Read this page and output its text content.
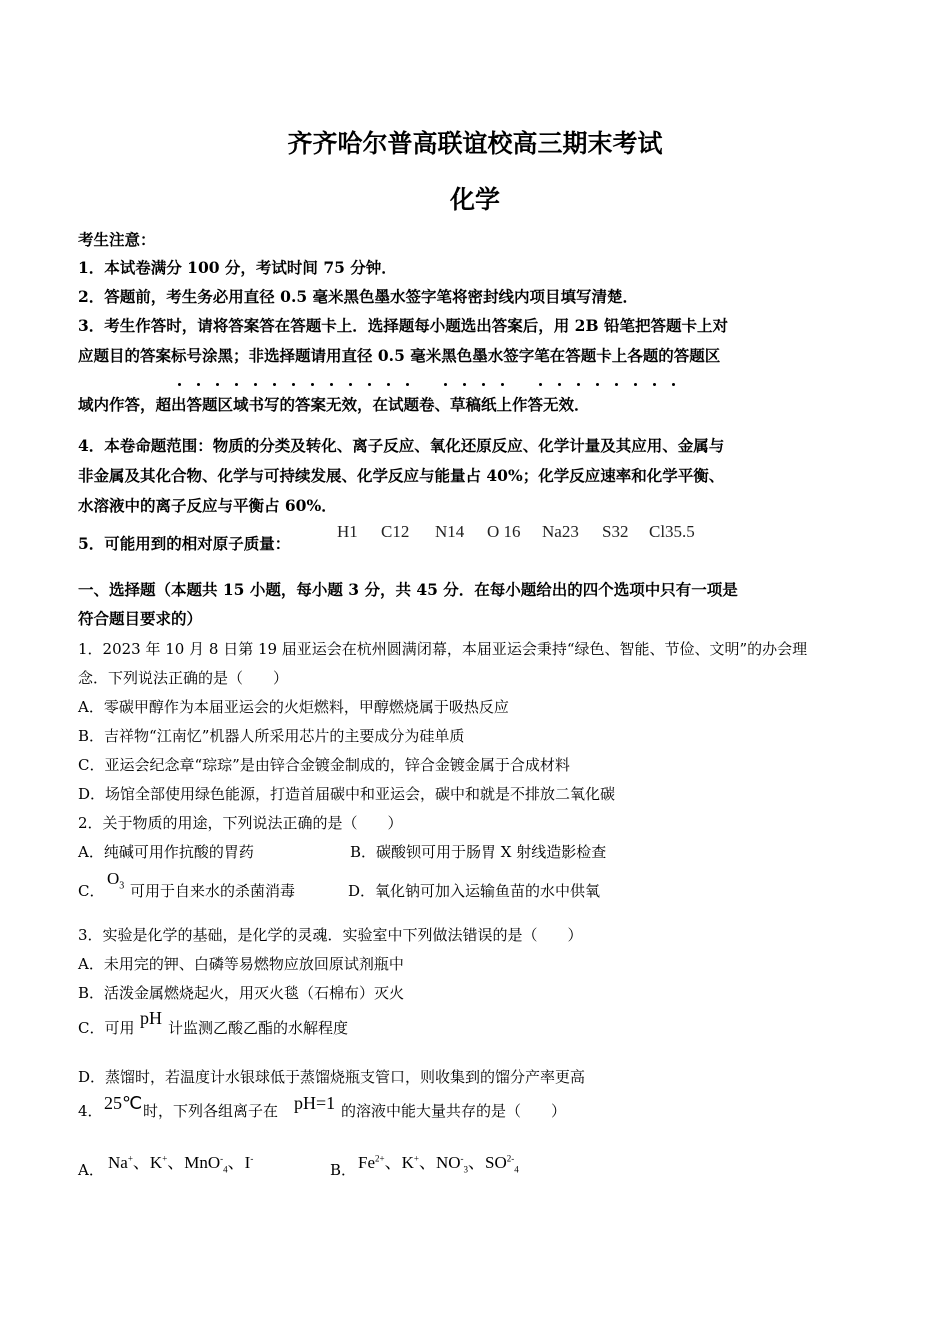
齐齐哈尔普高联谊校高三期末考试
化学
考生注意：
1．本试卷满分 100 分，考试时间 75 分钟．
2．答题前，考生务必用直径 0.5 毫米黑色墨水签字笔将密封线内项目填写清楚．
3．考生作答时，请将答案答在答题卡上．选择题每小题选出答案后，用 2B 铅笔把答题卡上对
应题目的答案标号涂黑；非选择题请用直径 0.5 毫米黑色墨水签字笔在答题卡上各题的答题区
域内作答，超出答题区域书写的答案无效，在试题卷、草稿纸上作答无效．
4．本卷命题范围：物质的分类及转化、离子反应、氧化还原反应、化学计量及其应用、金属与
非金属及其化合物、化学与可持续发展、化学反应与能量占 40%；化学反应速率和化学平衡、
水溶液中的离子反应与平衡占 60%．
5．可能用到的相对原子质量：
H1 C12 N14 O 16 Na23 S32 Cl35.5
一、选择题（本题共 15 小题，每小题 3 分，共 45 分．在每小题给出的四个选项中只有一项是
符合题目要求的）
1．2023 年 10 月 8 日第 19 届亚运会在杭州圆满闭幕，本届亚运会秉持“绿色、智能、节俭、文明”的办会理
念．下列说法正确的是（　　）
A．零碳甲醇作为本届亚运会的火炬燃料，甲醇燃烧属于吸热反应
B．吉祥物“江南忆”机器人所采用芯片的主要成分为硅单质
C．亚运会纪念章“琮琮”是由锌合金镀金制成的，锌合金镀金属于合成材料
D．场馆全部使用绿色能源，打造首届碳中和亚运会，碳中和就是不排放二氧化碳
2．关于物质的用途，下列说法正确的是（　　）
A．纯碱可用作抗酸的胃药	B．碳酸钡可用于肠胃 X 射线造影检查
C．
$O_3$ 可用于自来水的杀菌消毒	D．氧化钠可加入运输鱼苗的水中供氧
3．实验是化学的基础，是化学的灵魂．实验室中下列做法错误的是（　　）
A．未用完的钾、白磷等易燃物应放回原试剂瓶中
B．活泼金属燃烧起火，用灭火毯（石棉布）灭火
C．可用 pH 计监测乙酸乙酯的水解程度
D．蒸馏时，若温度计水银球低于蒸馏烧瓶支管口，则收集到的馏分产率更高
4． 25℃ 时，下列各组离子在 pH=1 的溶液中能大量共存的是（　　）
A． Na+、K+、MnO-$_4$、I-
B． $Fe^{2+}$、K+、$NO^-_3$、$SO^{2-}_4$
